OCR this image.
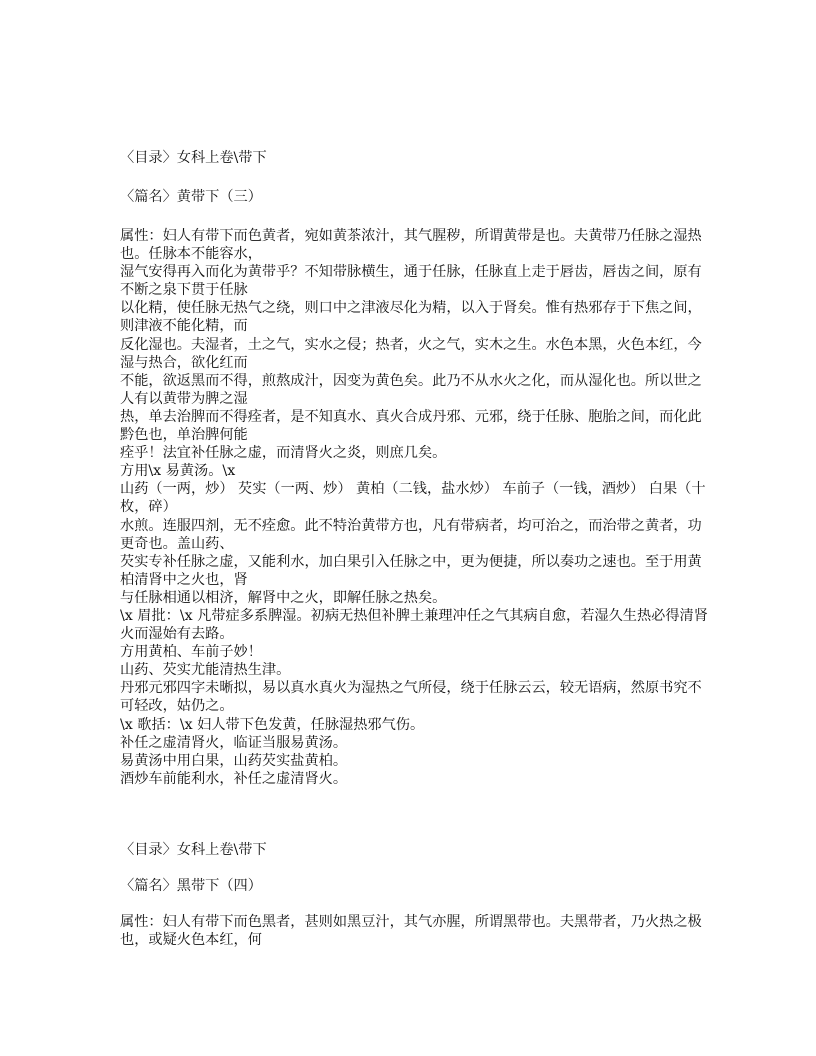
〈目录〉女科上卷\带下
〈篇名〉黄带下（三）

属性：妇人有带下而色黄者，宛如黄茶浓汁，其气腥秽，所谓黄带是也。夫黄带乃任脉之湿热也。任脉本不能容水，

湿气安得再入而化为黄带乎？不知带脉横生，通于任脉，任脉直上走于唇齿，唇齿之间，原有不断之泉下贯于任脉

以化精，使任脉无热气之绕，则口中之津液尽化为精，以入于肾矣。惟有热邪存于下焦之间，则津液不能化精，而

反化湿也。夫湿者，土之气，实水之侵；热者，火之气，实木之生。水色本黑，火色本红，今湿与热合，欲化红而

不能，欲返黑而不得，煎熬成汁，因变为黄色矣。此乃不从水火之化，而从湿化也。所以世之人有以黄带为脾之湿

热，单去治脾而不得痊者，是不知真水、真火合成丹邪、元邪，绕于任脉、胞胎之间，而化此黔色也，单治脾何能

痊乎！法宜补任脉之虚，而清肾火之炎，则庶几矣。

方用\x 易黄汤。\x

山药（一两，炒） 芡实（一两、炒） 黄柏（二钱，盐水炒） 车前子（一钱，酒炒） 白果（十枚，碎）

水煎。连服四剂，无不痊愈。此不特治黄带方也，凡有带病者，均可治之，而治带之黄者，功更奇也。盖山药、

芡实专补任脉之虚，又能利水，加白果引入任脉之中，更为便捷，所以奏功之速也。至于用黄柏清肾中之火也，肾

与任脉相通以相济，解肾中之火，即解任脉之热矣。

\x 眉批：\x 凡带症多系脾湿。初病无热但补脾土兼理冲任之气其病自愈，若湿久生热必得清肾火而湿始有去路。

方用黄柏、车前子妙！

山药、芡实尤能清热生津。

丹邪元邪四字未晰拟，易以真水真火为湿热之气所侵，绕于任脉云云，较无语病，然原书究不可轻改，姑仍之。

\x 歌括：\x 妇人带下色发黄，任脉湿热邪气伤。

补任之虚清肾火，临证当服易黄汤。

易黄汤中用白果，山药芡实盐黄柏。

酒炒车前能利水，补任之虚清肾火。

〈目录〉女科上卷\带下
〈篇名〉黑带下（四）

属性：妇人有带下而色黑者，甚则如黑豆汁，其气亦腥，所谓黑带也。夫黑带者，乃火热之极也，或疑火色本红，何
